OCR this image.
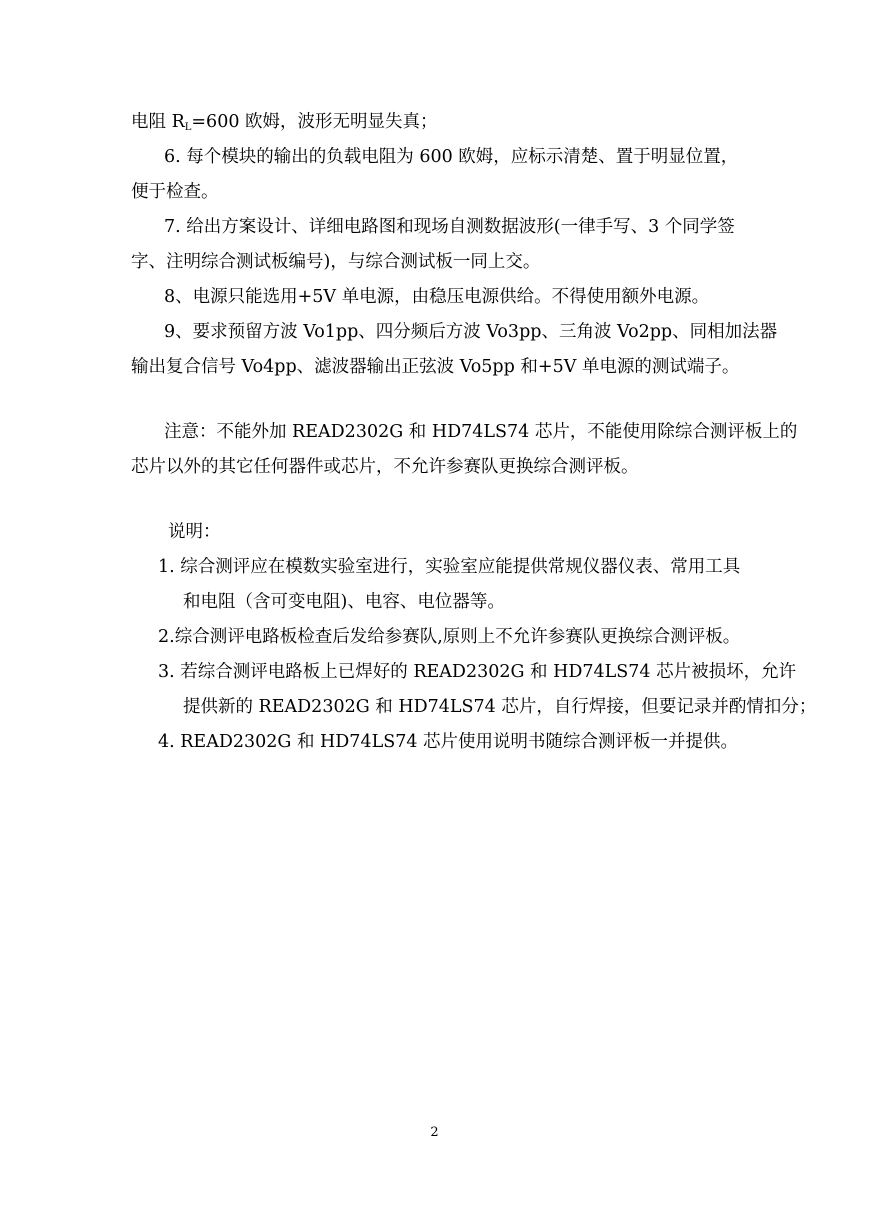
电阻 $R_L=600$ 欧姆，波形无明显失真；
6. 每个模块的输出的负载电阻为 600 欧姆，应标示清楚、置于明显位置，
便于检查。
7. 给出方案设计、详细电路图和现场自测数据波形(一律手写、3 个同学签
字、注明综合测试板编号)，与综合测试板一同上交。
8、电源只能选用+5V 单电源，由稳压电源供给。不得使用额外电源。
9、要求预留方波 Vo1pp、四分频后方波 Vo3pp、三角波 Vo2pp、同相加法器
输出复合信号 Vo4pp、滤波器输出正弦波 Vo5pp 和+5V 单电源的测试端子。
注意：不能外加 READ2302G 和 HD74LS74 芯片，不能使用除综合测评板上的
芯片以外的其它任何器件或芯片，不允许参赛队更换综合测评板。
说明：
1. 综合测评应在模数实验室进行，实验室应能提供常规仪器仪表、常用工具
和电阻（含可变电阻)、电容、电位器等。
2.综合测评电路板检查后发给参赛队,原则上不允许参赛队更换综合测评板。
3. 若综合测评电路板上已焊好的 READ2302G 和 HD74LS74 芯片被损坏，允许
提供新的 READ2302G 和 HD74LS74 芯片，自行焊接，但要记录并酌情扣分；
4. READ2302G 和 HD74LS74 芯片使用说明书随综合测评板一并提供。
2
